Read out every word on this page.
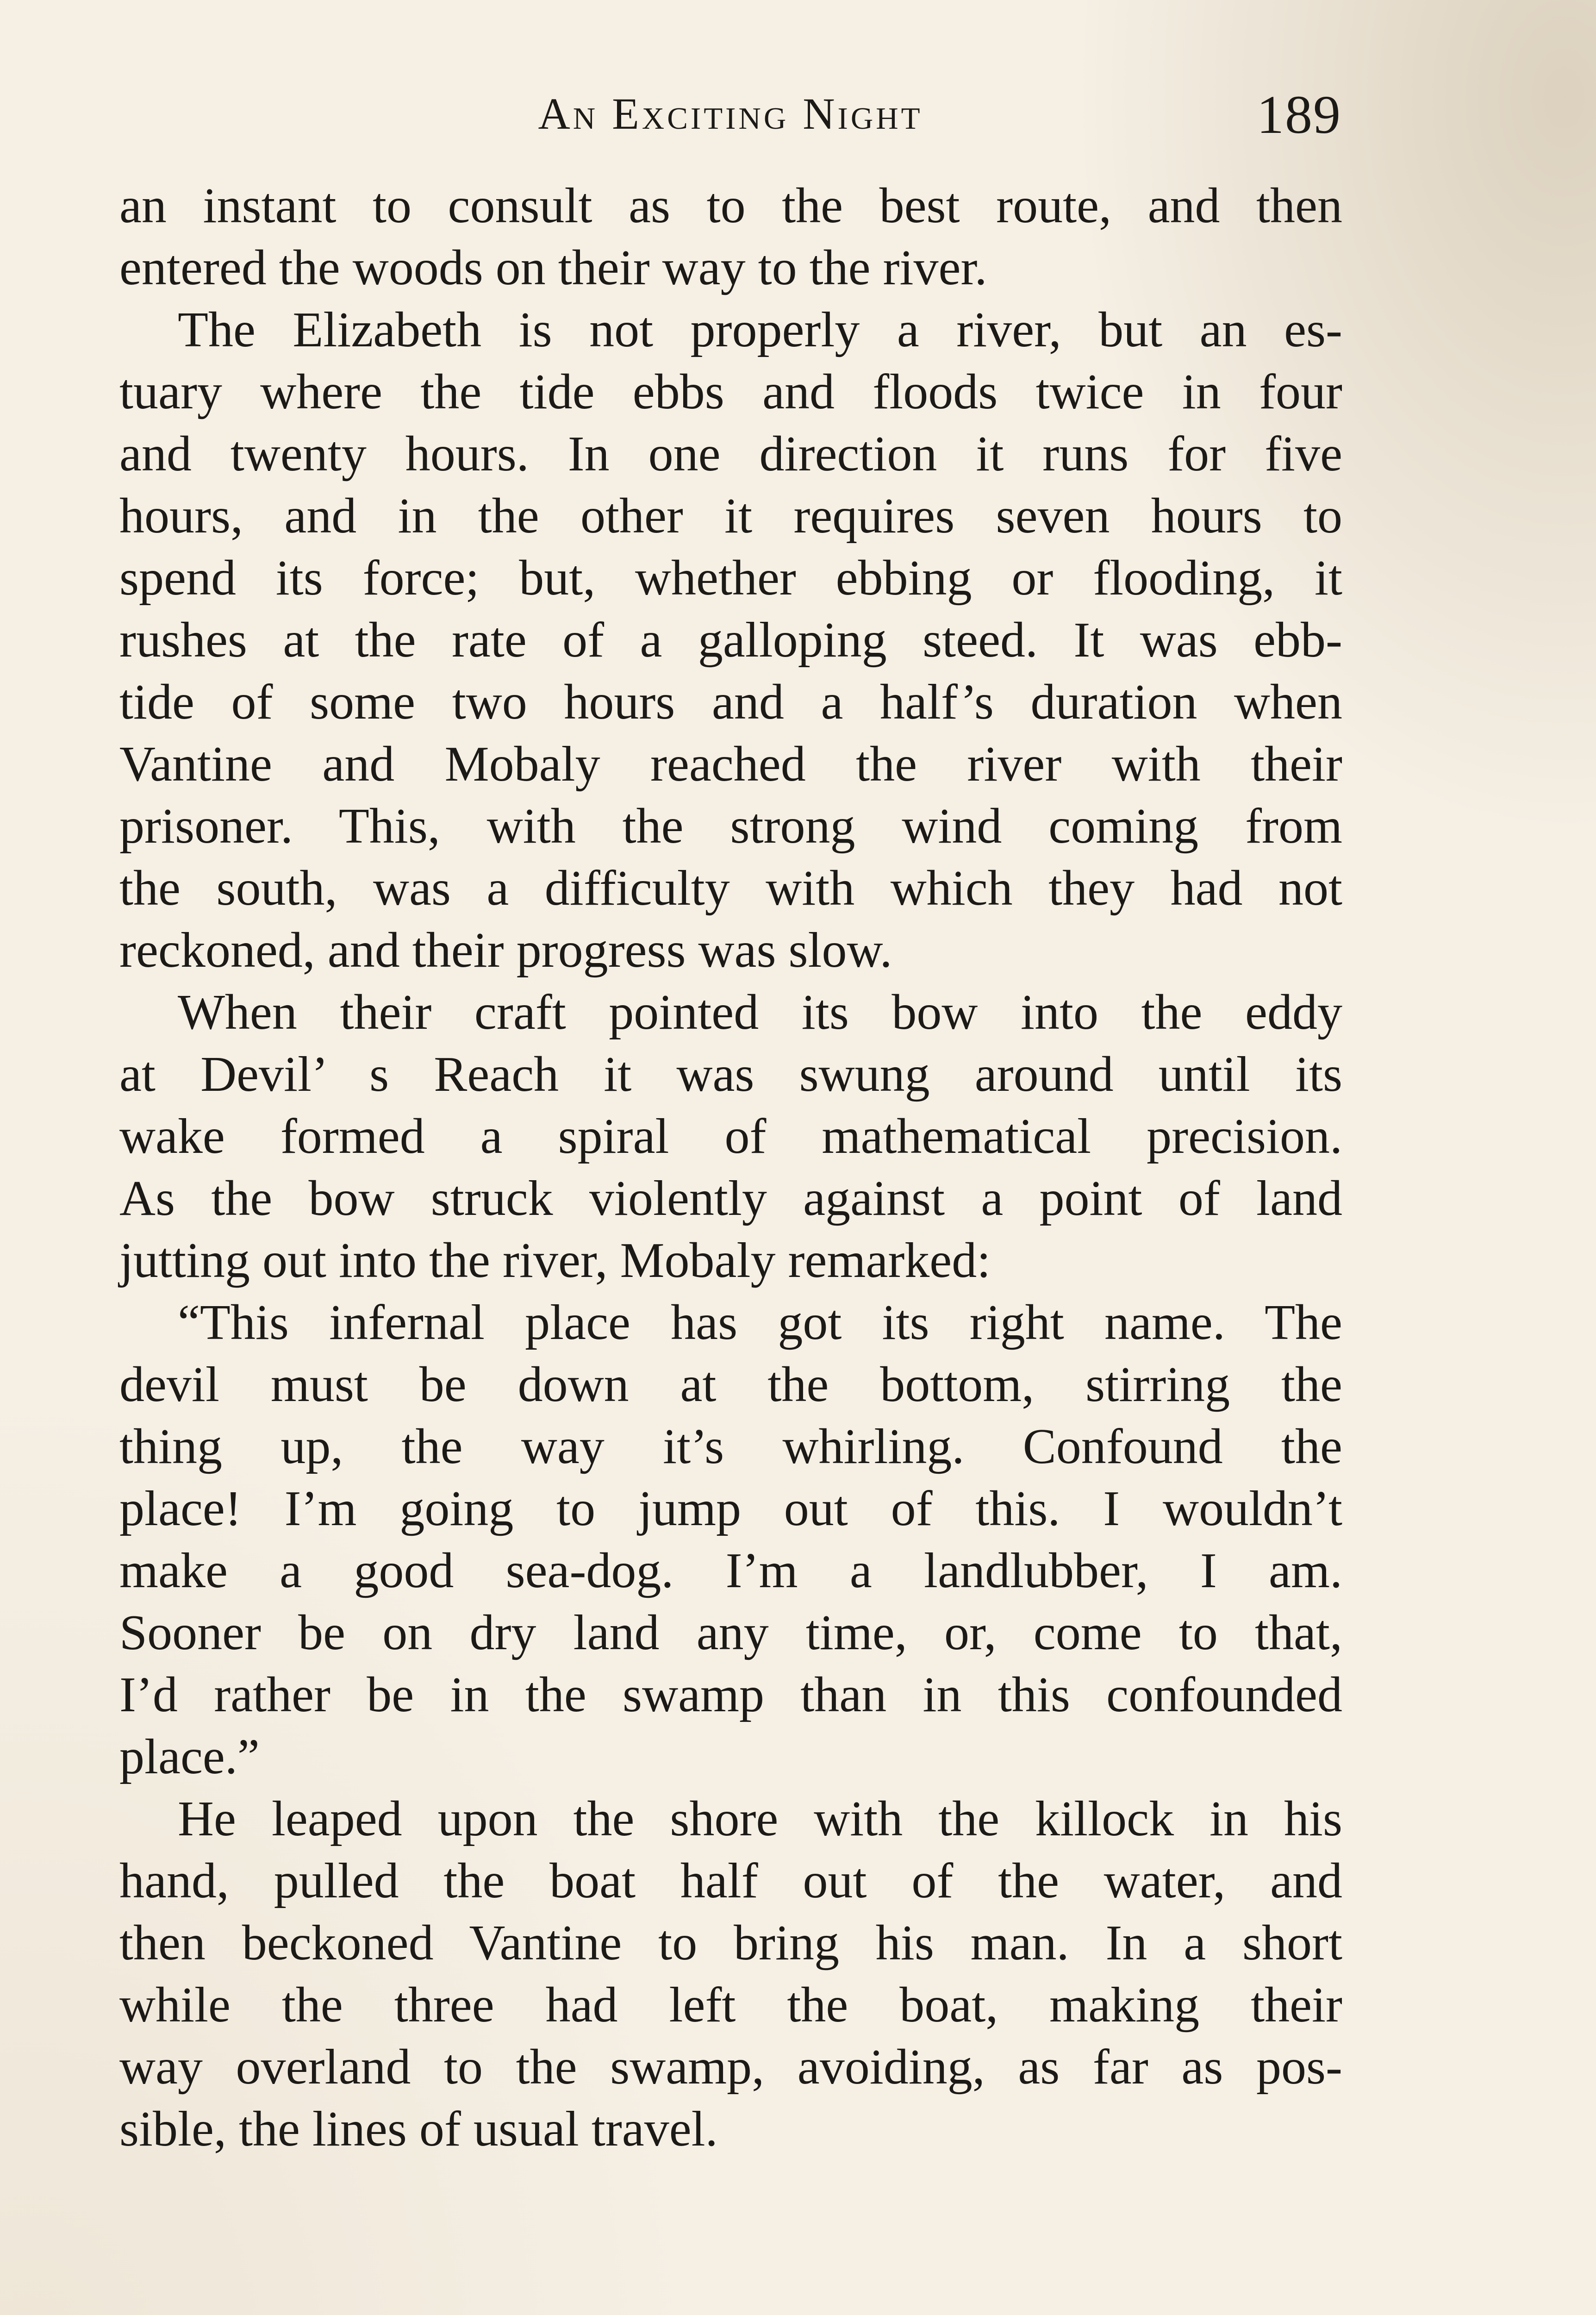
An Exciting Night	189
an instant to consult as to the best route, and then
entered the woods on their way to the river.
The Elizabeth is not properly a river, but an es-
tuary where the tide ebbs and floods twice in four
and twenty hours. In one direction it runs for five
hours, and in the other it requires seven hours to
spend its force; but, whether ebbing or flooding, it
rushes at the rate of a galloping steed. It was ebb-
tide of some two hours and a half’s duration when
Vantine and Mobaly reached the river with their
prisoner. This, with the strong wind coming from
the south, was a difficulty with which they had not
reckoned, and their progress was slow.
When their craft pointed its bow into the eddy
at Devil’ s Reach it was swung around until its
wake formed a spiral of mathematical precision.
As the bow struck violently against a point of land
jutting out into the river, Mobaly remarked:
“This infernal place has got its right name. The
devil must be down at the bottom, stirring the
thing up, the way it’s whirling. Confound the
place! I’m going to jump out of this. I wouldn’t
make a good sea-dog. I’m a landlubber, I am.
Sooner be on dry land any time, or, come to that,
I’d rather be in the swamp than in this confounded
place.”
He leaped upon the shore with the killock in his
hand, pulled the boat half out of the water, and
then beckoned Vantine to bring his man. In a short
while the three had left the boat, making their
way overland to the swamp, avoiding, as far as pos-
sible, the lines of usual travel.
